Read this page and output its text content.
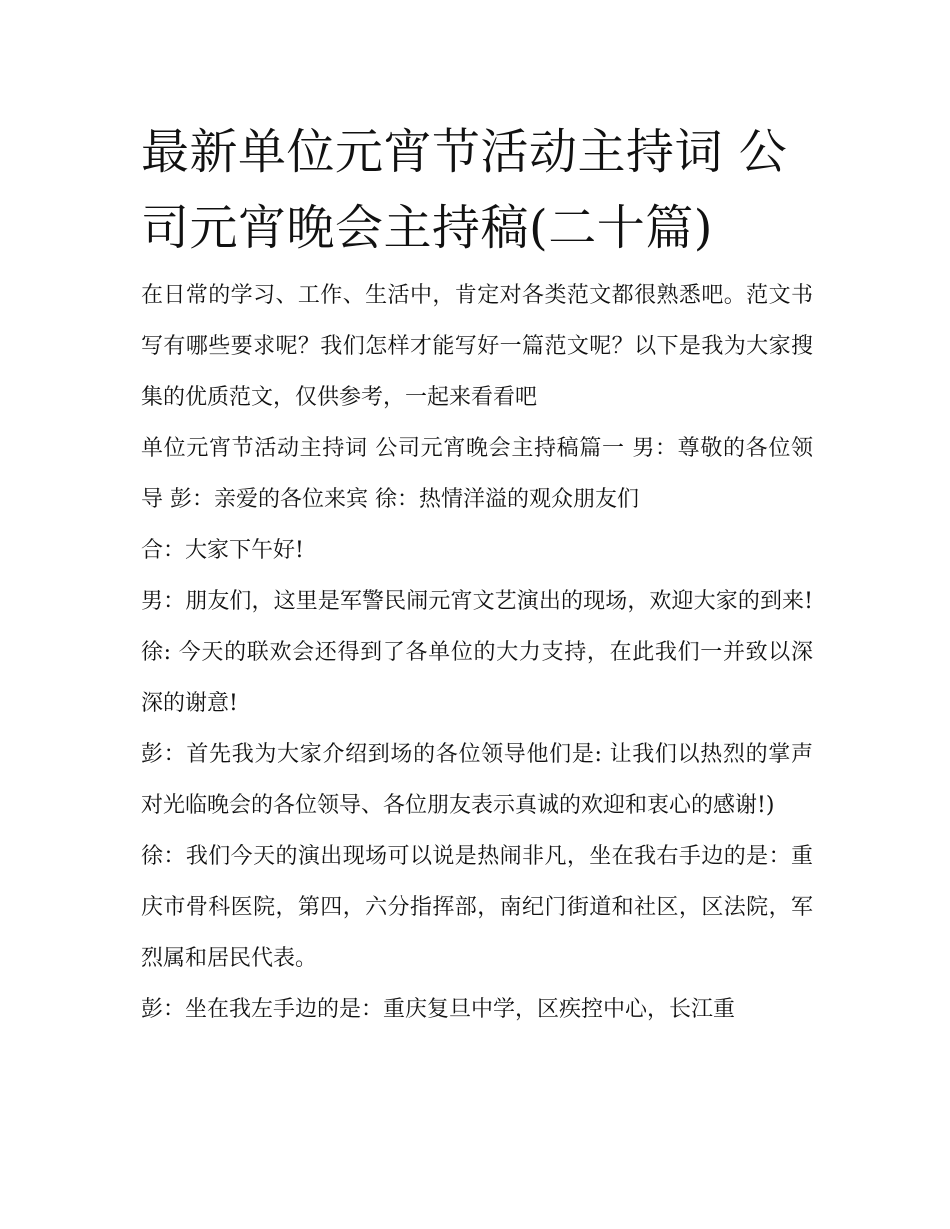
最新单位元宵节活动主持词 公司元宵晚会主持稿(二十篇)

在日常的学习、工作、生活中，肯定对各类范文都很熟悉吧。范文书写有哪些要求呢？我们怎样才能写好一篇范文呢？以下是我为大家搜集的优质范文，仅供参考，一起来看看吧

单位元宵节活动主持词 公司元宵晚会主持稿篇一 男：尊敬的各位领导 彭：亲爱的各位来宾 徐：热情洋溢的观众朋友们

合：大家下午好!

男：朋友们，这里是军警民闹元宵文艺演出的现场，欢迎大家的到来! 徐: 今天的联欢会还得到了各单位的大力支持，在此我们一并致以深深的谢意!

彭：首先我为大家介绍到场的各位领导他们是: 让我们以热烈的掌声对光临晚会的各位领导、各位朋友表示真诚的欢迎和衷心的感谢!)

徐：我们今天的演出现场可以说是热闹非凡，坐在我右手边的是：重庆市骨科医院，第四，六分指挥部，南纪门街道和社区，区法院，军烈属和居民代表。

彭：坐在我左手边的是：重庆复旦中学，区疾控中心，长江重
